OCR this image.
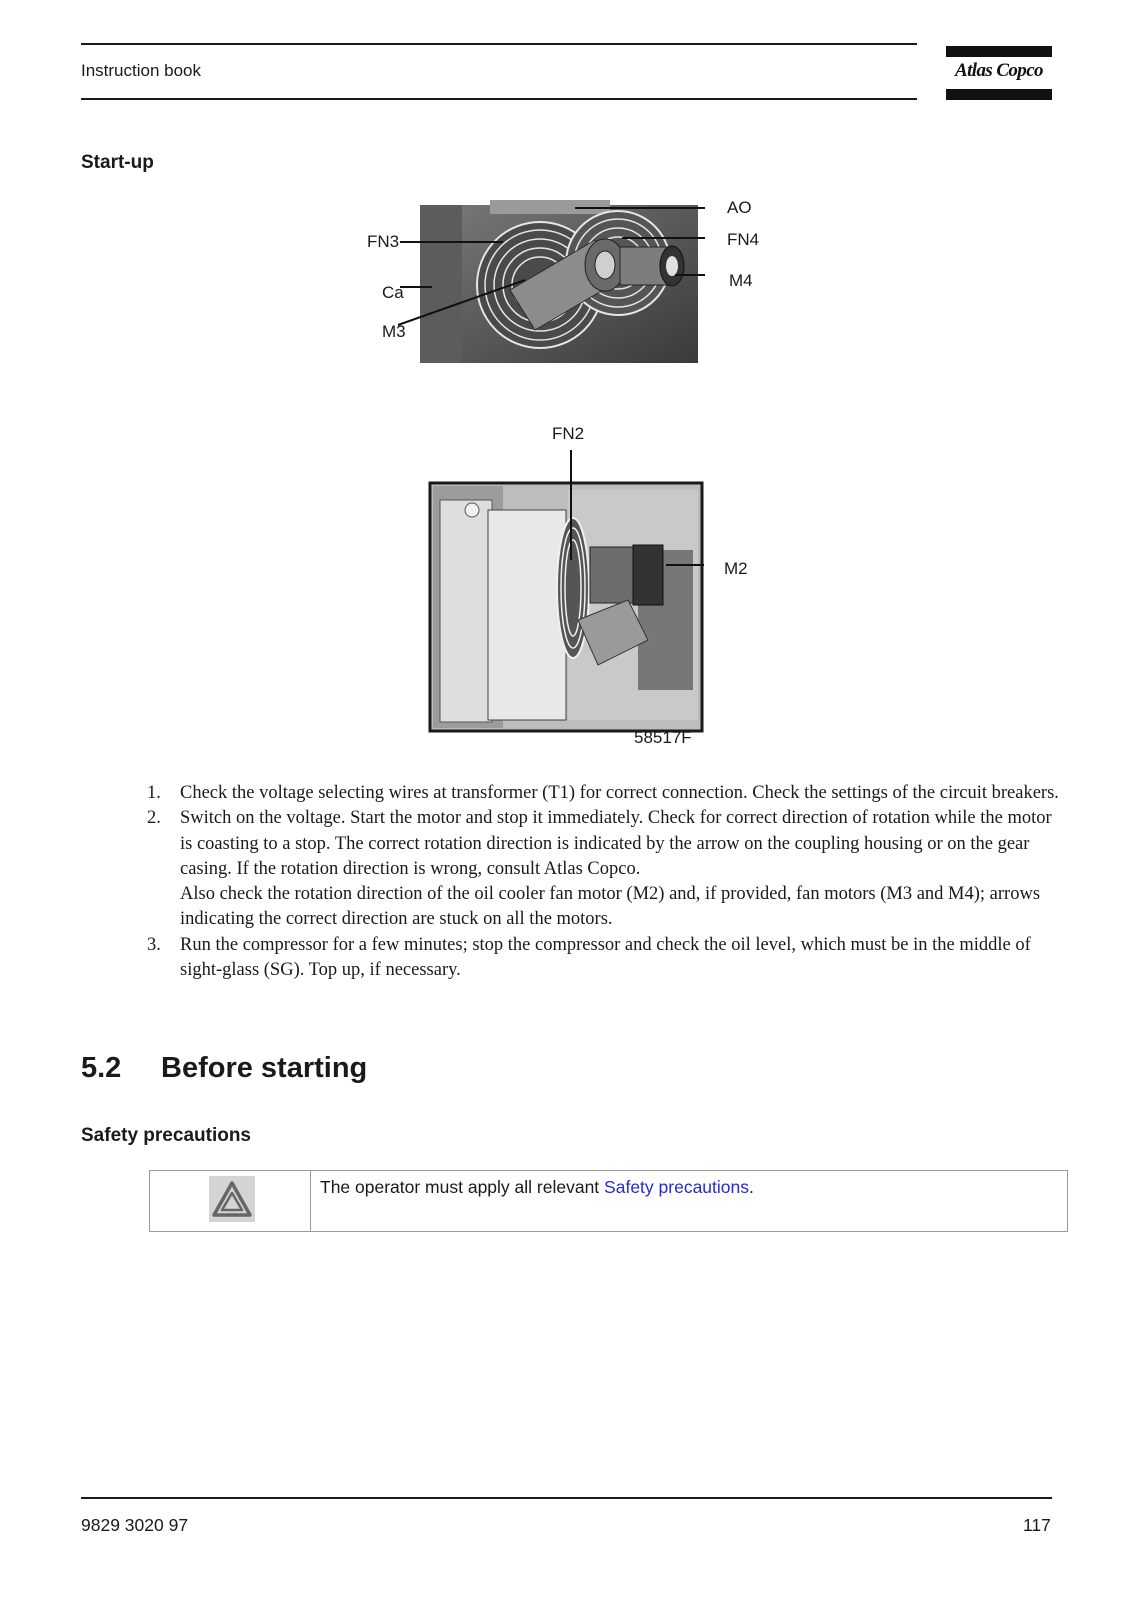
Instruction book	Atlas Copco
Start-up
AO
FN3	FN4
M4
Ca
M3
FN2
M2
58517F
1. Check the voltage selecting wires at transformer (T1) for correct connection. Check the settings of the circuit breakers.
2. Switch on the voltage. Start the motor and stop it immediately. Check for correct direction of rotation while the motor is coasting to a stop. The correct rotation direction is indicated by the arrow on the coupling housing or on the gear casing. If the rotation direction is wrong, consult Atlas Copco.
Also check the rotation direction of the oil cooler fan motor (M2) and, if provided, fan motors (M3 and M4); arrows indicating the correct direction are stuck on all the motors.
3. Run the compressor for a few minutes; stop the compressor and check the oil level, which must be in the middle of sight-glass (SG). Top up, if necessary.
5.2 Before starting
Safety precautions
The operator must apply all relevant Safety precautions.
9829 3020 97	117
